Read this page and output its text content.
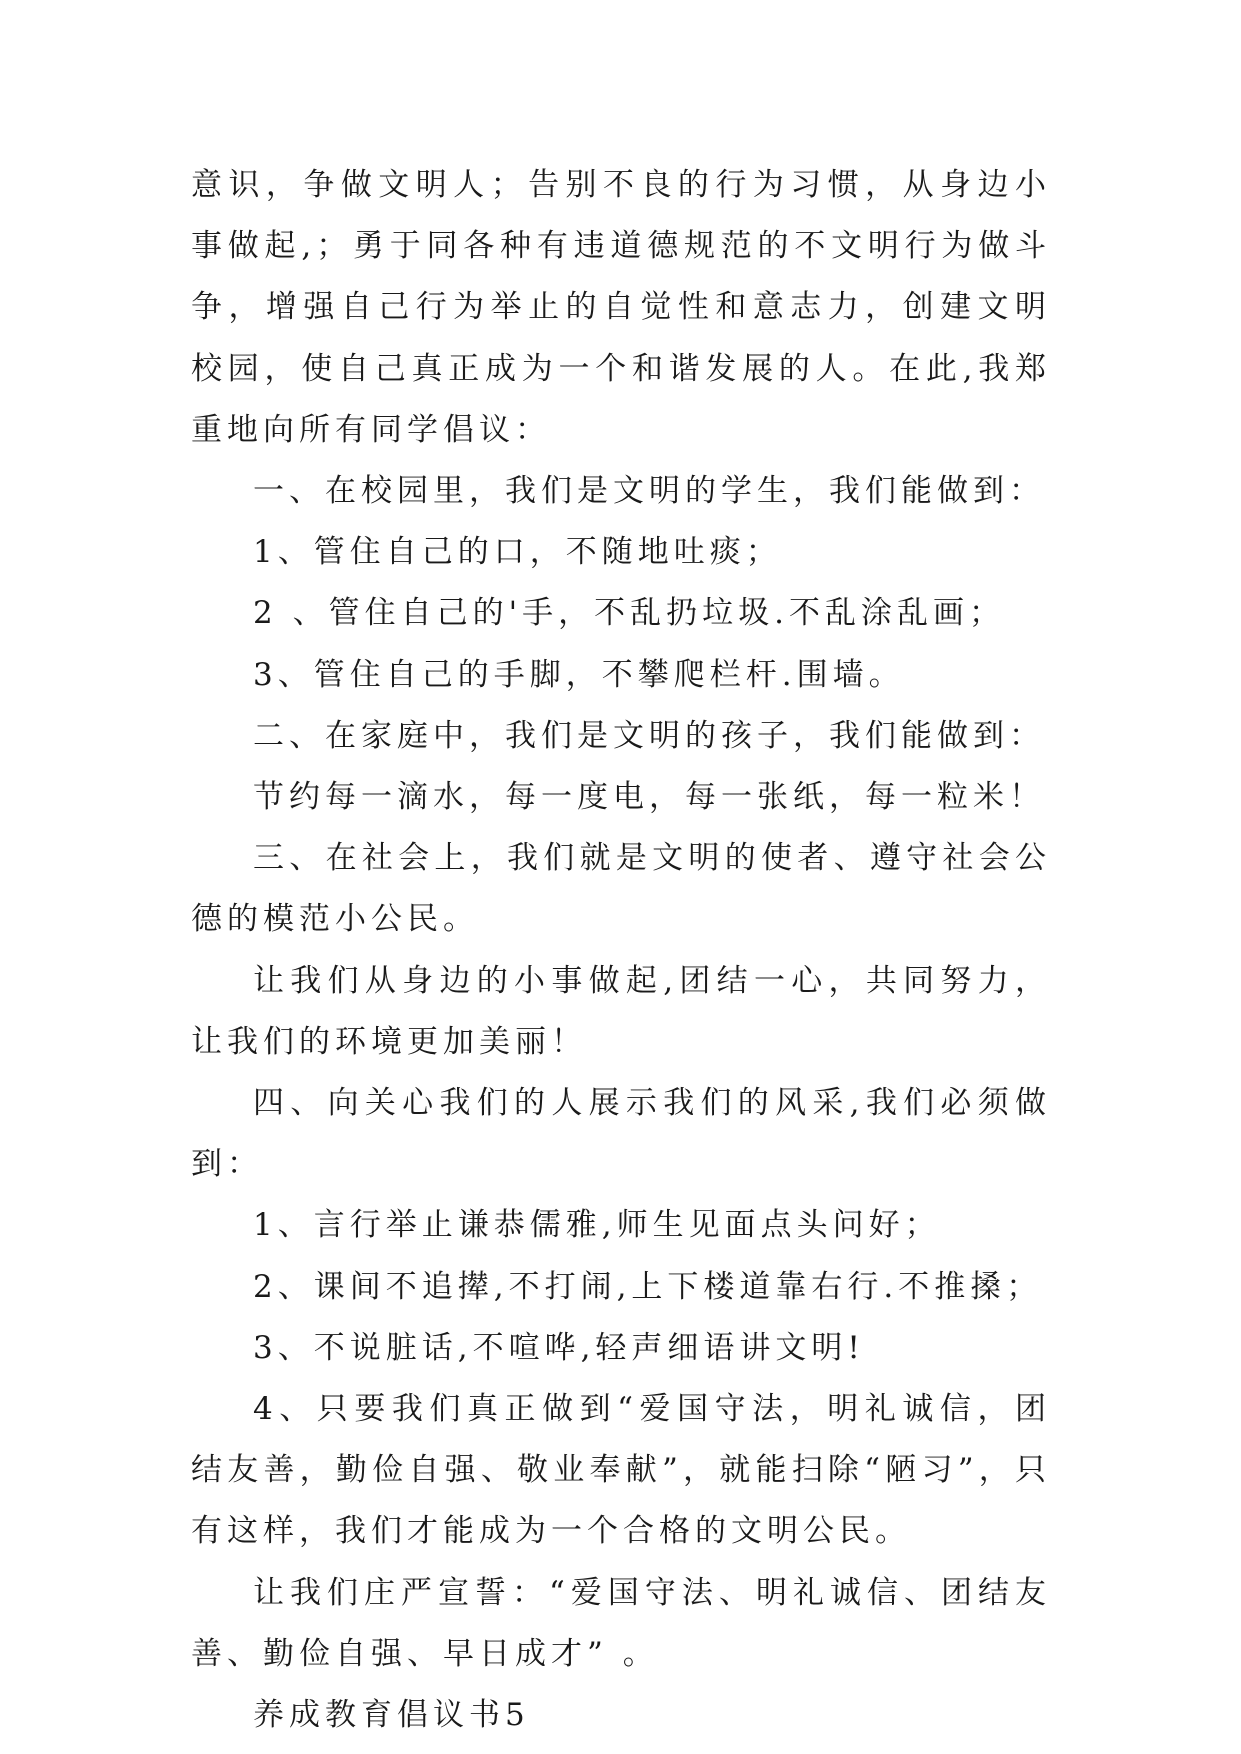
意识，争做文明人；告别不良的行为习惯，从身边小事做起,；勇于同各种有违道德规范的不文明行为做斗争，增强自己行为举止的自觉性和意志力，创建文明校园，使自己真正成为一个和谐发展的人。在此,我郑重地向所有同学倡议：

一、在校园里，我们是文明的学生，我们能做到：

1、管住自己的口，不随地吐痰；

2 、管住自己的'手，不乱扔垃圾.不乱涂乱画；

3、管住自己的手脚，不攀爬栏杆.围墙。

二、在家庭中，我们是文明的孩子，我们能做到：

节约每一滴水，每一度电，每一张纸，每一粒米！

三、在社会上，我们就是文明的使者、遵守社会公德的模范小公民。

让我们从身边的小事做起,团结一心，共同努力，让我们的环境更加美丽！

四、向关心我们的人展示我们的风采,我们必须做到：

1、言行举止谦恭儒雅,师生见面点头问好；

2、课间不追撵,不打闹,上下楼道靠右行.不推搡；

3、不说脏话,不喧哗,轻声细语讲文明!

4、只要我们真正做到“爱国守法，明礼诚信，团结友善，勤俭自强、敬业奉献”，就能扫除“陋习”，只有这样，我们才能成为一个合格的文明公民。

让我们庄严宣誓：“爱国守法、明礼诚信、团结友善、勤俭自强、早日成才” 。

养成教育倡议书5
